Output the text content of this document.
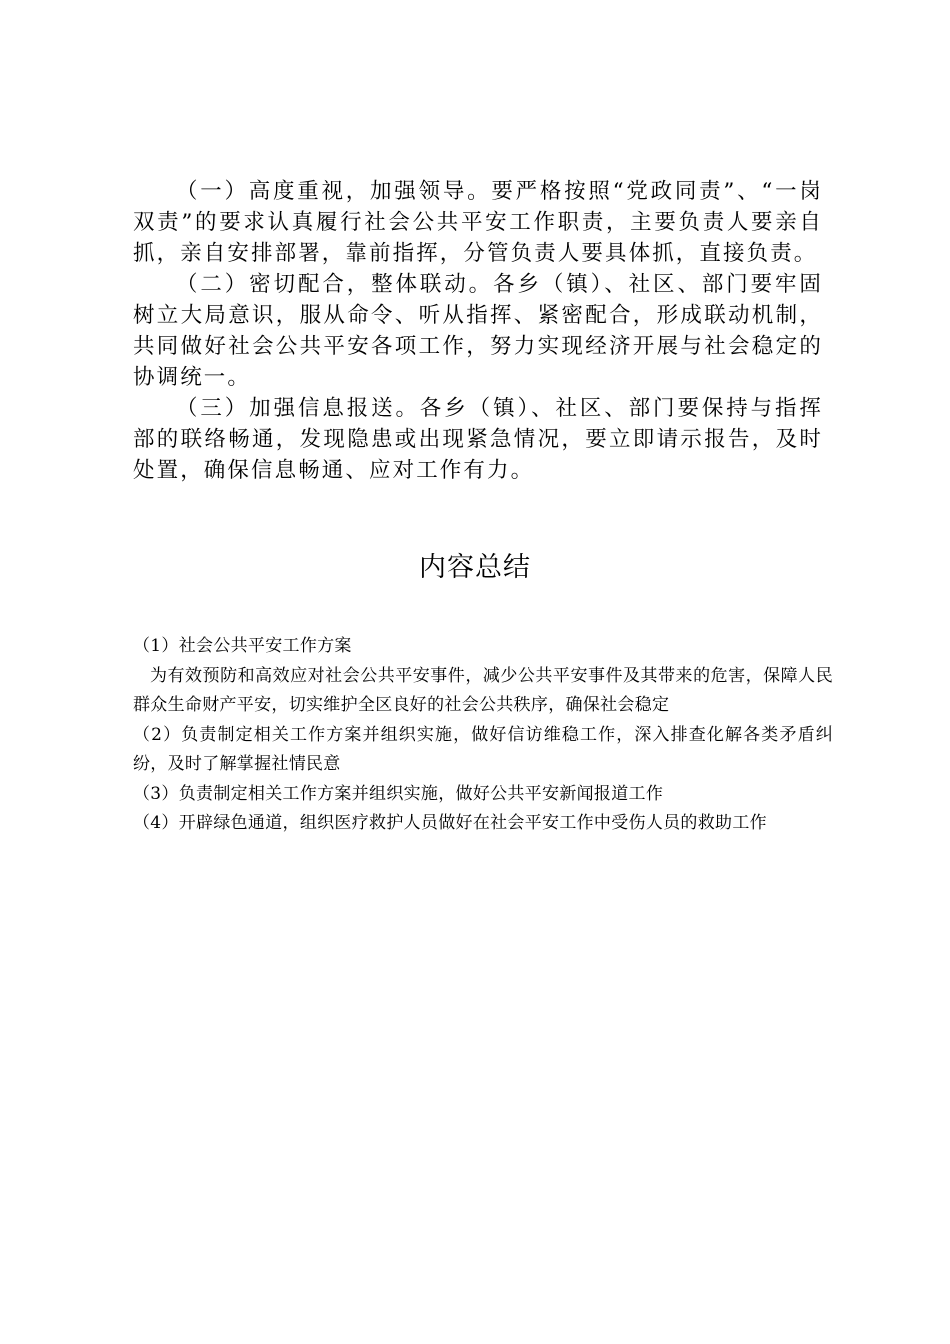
（一）高度重视，加强领导。要严格按照“党政同责”、“一岗双责”的要求认真履行社会公共平安工作职责，主要负责人要亲自抓，亲自安排部署，靠前指挥，分管负责人要具体抓，直接负责。

（二）密切配合，整体联动。各乡（镇）、社区、部门要牢固树立大局意识，服从命令、听从指挥、紧密配合，形成联动机制，共同做好社会公共平安各项工作，努力实现经济开展与社会稳定的协调统一。

（三）加强信息报送。各乡（镇）、社区、部门要保持与指挥部的联络畅通，发现隐患或出现紧急情况，要立即请示报告，及时处置，确保信息畅通、应对工作有力。

内容总结

（1）社会公共平安工作方案

为有效预防和高效应对社会公共平安事件，减少公共平安事件及其带来的危害，保障人民群众生命财产平安，切实维护全区良好的社会公共秩序，确保社会稳定

（2）负责制定相关工作方案并组织实施，做好信访维稳工作，深入排查化解各类矛盾纠纷，及时了解掌握社情民意

（3）负责制定相关工作方案并组织实施，做好公共平安新闻报道工作

（4）开辟绿色通道，组织医疗救护人员做好在社会平安工作中受伤人员的救助工作
